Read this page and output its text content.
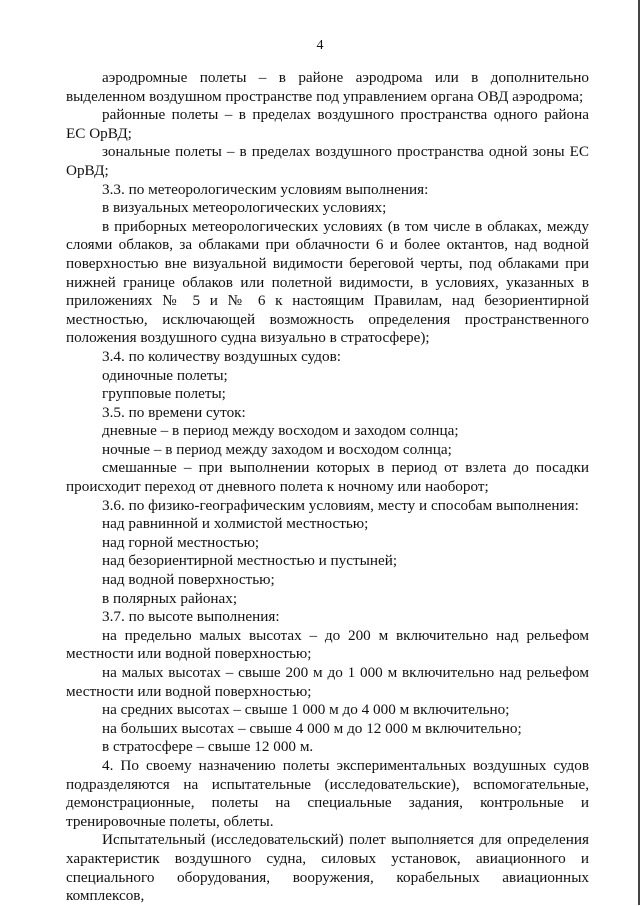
4

аэродромные полеты – в районе аэродрома или в дополнительно выделенном воздушном пространстве под управлением органа ОВД аэродрома;

районные полеты – в пределах воздушного пространства одного района ЕС ОрВД;

зональные полеты – в пределах воздушного пространства одной зоны ЕС ОрВД;

3.3. по метеорологическим условиям выполнения:

в визуальных метеорологических условиях;

в приборных метеорологических условиях (в том числе в облаках, между слоями облаков, за облаками при облачности 6 и более октантов, над водной поверхностью вне визуальной видимости береговой черты, под облаками при нижней границе облаков или полетной видимости, в условиях, указанных в приложениях № 5 и № 6 к настоящим Правилам, над безориентирной местностью, исключающей возможность определения пространственного положения воздушного судна визуально в стратосфере);

3.4. по количеству воздушных судов:

одиночные полеты;

групповые полеты;

3.5. по времени суток:

дневные – в период между восходом и заходом солнца;

ночные – в период между заходом и восходом солнца;

смешанные – при выполнении которых в период от взлета до посадки происходит переход от дневного полета к ночному или наоборот;

3.6. по физико-географическим условиям, месту и способам выполнения:

над равнинной и холмистой местностью;

над горной местностью;

над безориентирной местностью и пустыней;

над водной поверхностью;

в полярных районах;

3.7. по высоте выполнения:

на предельно малых высотах – до 200 м включительно над рельефом местности или водной поверхностью;

на малых высотах – свыше 200 м до 1 000 м включительно над рельефом местности или водной поверхностью;

на средних высотах – свыше 1 000 м до 4 000 м включительно;

на больших высотах – свыше 4 000 м до 12 000 м включительно;

в стратосфере – свыше 12 000 м.

4. По своему назначению полеты экспериментальных воздушных судов подразделяются на испытательные (исследовательские), вспомогательные, демонстрационные, полеты на специальные задания, контрольные и тренировочные полеты, облеты.

Испытательный (исследовательский) полет выполняется для определения характеристик воздушного судна, силовых установок, авиационного и специального оборудования, вооружения, корабельных авиационных комплексов,
